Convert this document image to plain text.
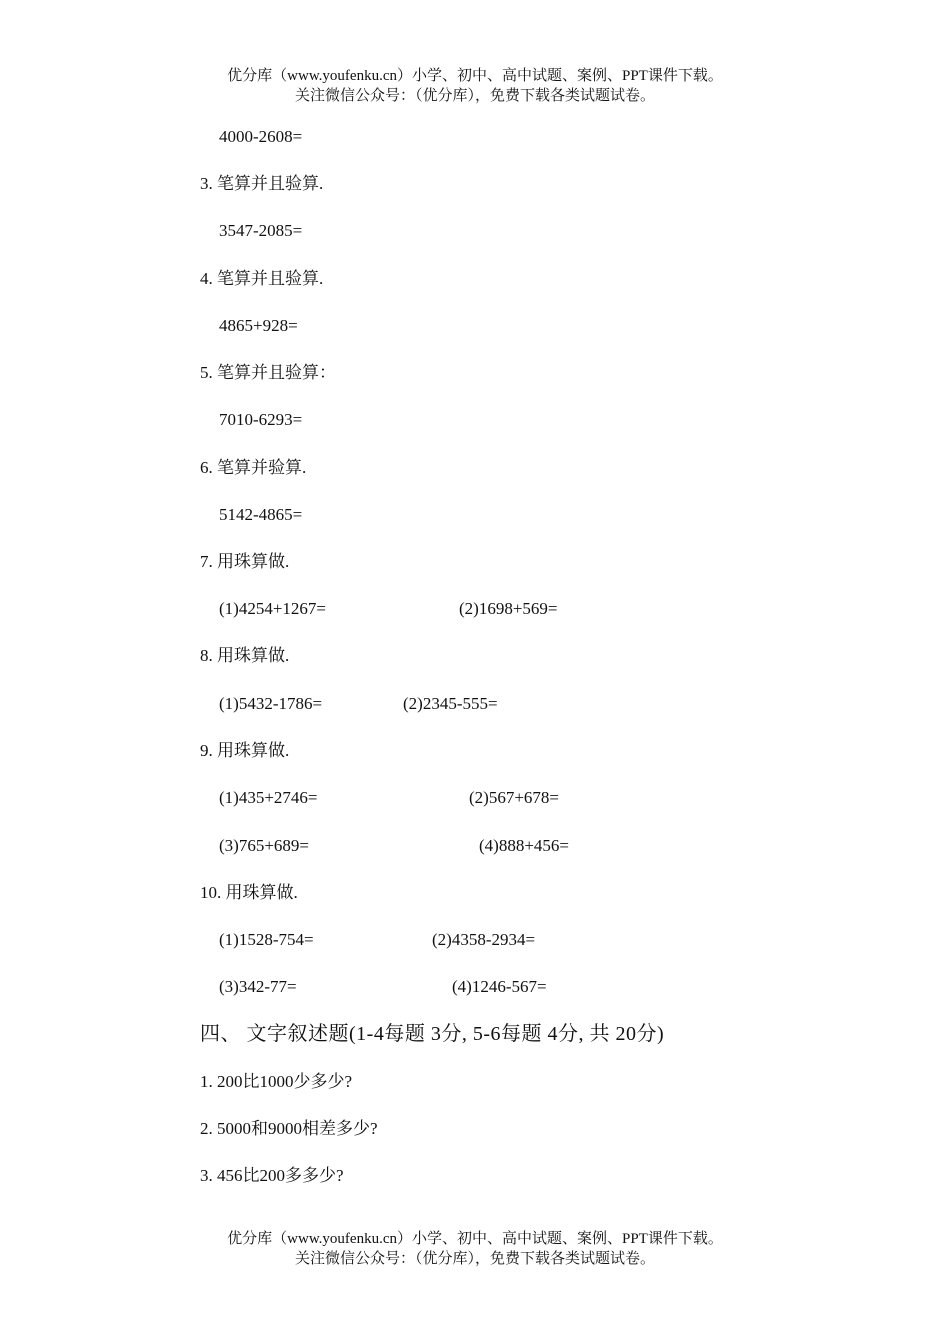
优分库（www.youfenku.cn）小学、初中、高中试题、案例、PPT课件下载。
关注微信公众号：（优分库），免费下载各类试题试卷。
4000-2608=
3. 笔算并且验算.
3547-2085=
4. 笔算并且验算.
4865+928=
5. 笔算并且验算：
7010-6293=
6. 笔算并验算.
5142-4865=
7. 用珠算做.
(1)4254+1267=	(2)1698+569=
8. 用珠算做.
(1)5432-1786=	(2)2345-555=
9. 用珠算做.
(1)435+2746=	(2)567+678=
(3)765+689=	(4)888+456=
10. 用珠算做.
(1)1528-754=	(2)4358-2934=
(3)342-77=	(4)1246-567=
四、 文字叙述题(1-4每题 3分, 5-6每题 4分, 共 20分)
1. 200比1000少多少?
2. 5000和9000相差多少?
3. 456比200多多少?
优分库（www.youfenku.cn）小学、初中、高中试题、案例、PPT课件下载。
关注微信公众号：（优分库），免费下载各类试题试卷。
